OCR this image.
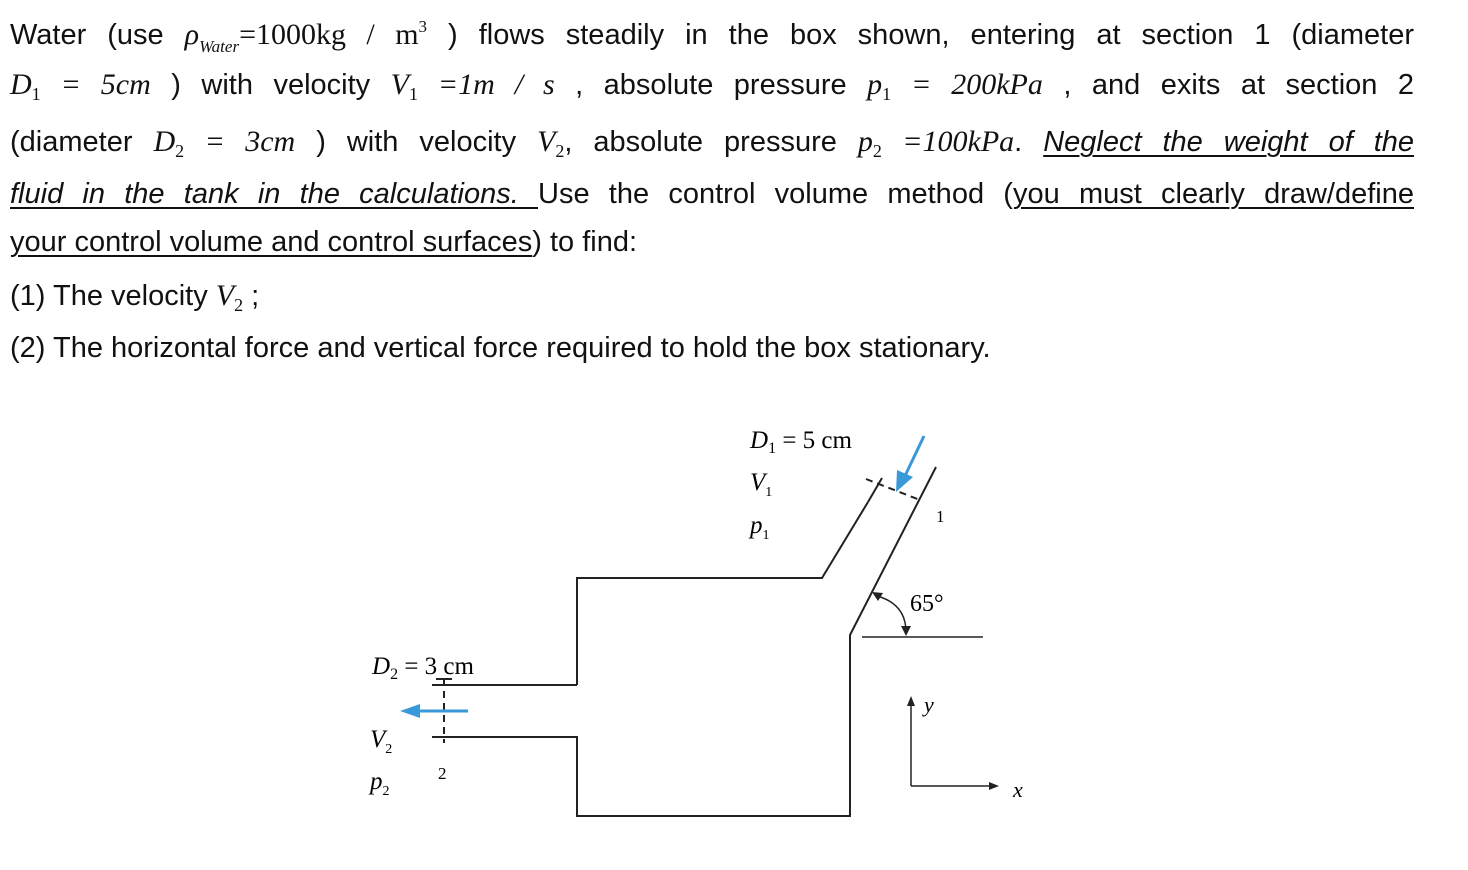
Water (use $\rho_{Water}=1000kg / m^3$ ) flows steadily in the box shown, entering at section 1 (diameter
$D_1 = 5cm$ ) with velocity $V_1 =1m / s$ , absolute pressure $p_1 = 200kPa$ , and exits at section 2
(diameter $D_2 = 3cm$ ) with velocity $V_2$, absolute pressure $p_2 =100kPa$. Neglect the weight of the
fluid in the tank in the calculations. Use the control volume method (you must clearly draw/define
your control volume and control surfaces) to find:
(1) The velocity $V_2$ ;
(2) The horizontal force and vertical force required to hold the box stationary.
$D_1 = 5$ cm
$V_1$
$p_1$
1
65°
$D_2 = 3$ cm
$V_2$
$p_2$
2
y
x
